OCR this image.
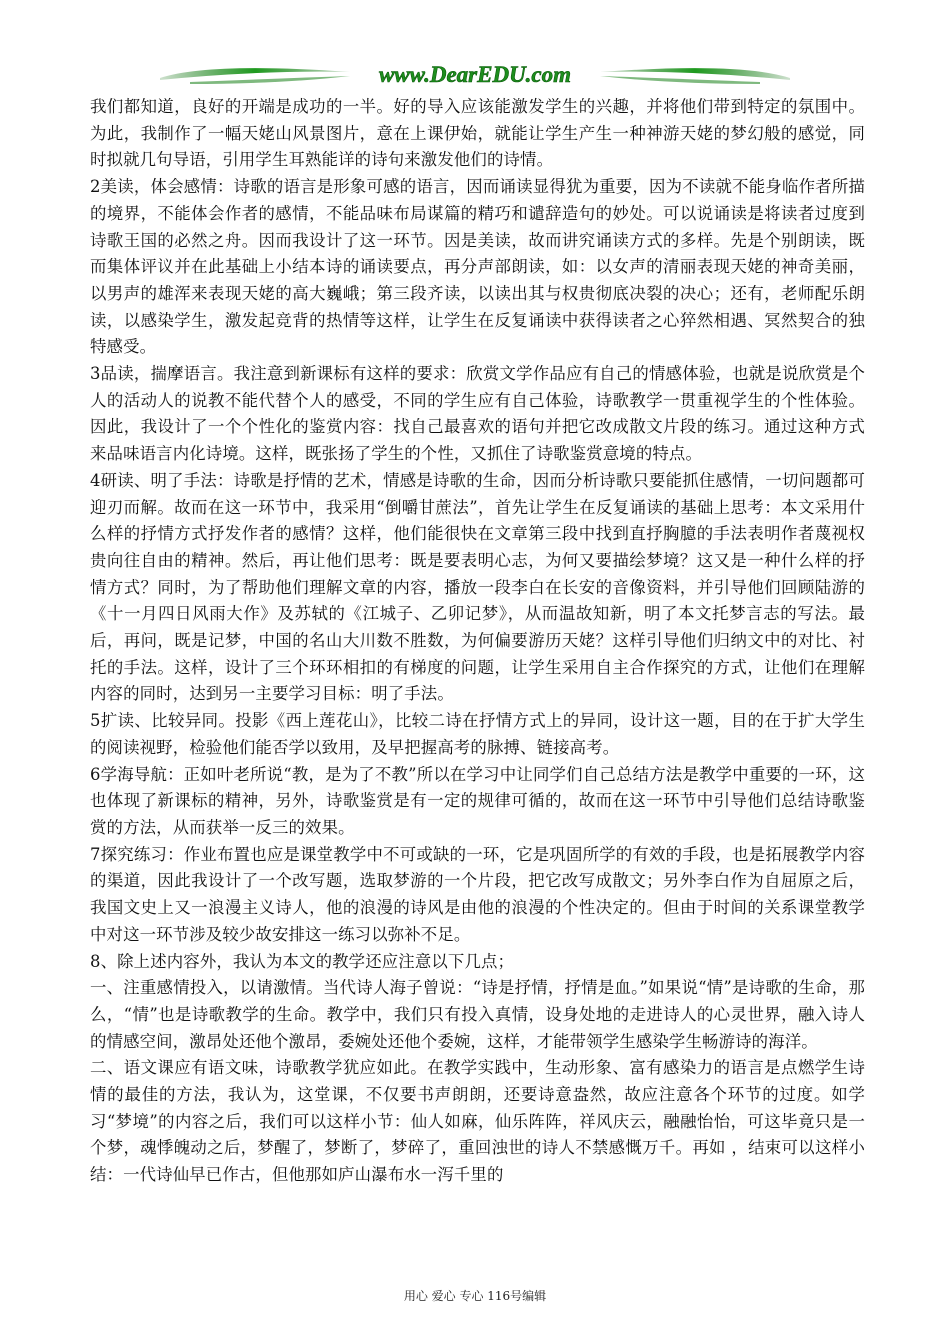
www.DearEDU.com

我们都知道，良好的开端是成功的一半。好的导入应该能激发学生的兴趣，并将他们带到特定的氛围中。为此，我制作了一幅天姥山风景图片，意在上课伊始，就能让学生产生一种神游天姥的梦幻般的感觉，同时拟就几句导语，引用学生耳熟能详的诗句来激发他们的诗情。

2美读，体会感情：诗歌的语言是形象可感的语言，因而诵读显得犹为重要，因为不读就不能身临作者所描的境界，不能体会作者的感情，不能品味布局谋篇的精巧和谴辞造句的妙处。可以说诵读是将读者过度到诗歌王国的必然之舟。因而我设计了这一环节。因是美读，故而讲究诵读方式的多样。先是个别朗读，既而集体评议并在此基础上小结本诗的诵读要点，再分声部朗读，如：以女声的清丽表现天姥的神奇美丽，以男声的雄浑来表现天姥的高大巍峨；第三段齐读，以读出其与权贵彻底决裂的决心；还有，老师配乐朗读，以感染学生，激发起竞背的热情等这样，让学生在反复诵读中获得读者之心猝然相遇、冥然契合的独特感受。

3品读，揣摩语言。我注意到新课标有这样的要求：欣赏文学作品应有自己的情感体验，也就是说欣赏是个人的活动人的说教不能代替个人的感受，不同的学生应有自己体验，诗歌教学一贯重视学生的个性体验。因此，我设计了一个个性化的鉴赏内容：找自己最喜欢的语句并把它改成散文片段的练习。通过这种方式来品味语言内化诗境。这样，既张扬了学生的个性，又抓住了诗歌鉴赏意境的特点。

4研读、明了手法：诗歌是抒情的艺术，情感是诗歌的生命，因而分析诗歌只要能抓住感情，一切问题都可迎刃而解。故而在这一环节中，我采用“倒嚼甘蔗法”，首先让学生在反复诵读的基础上思考：本文采用什么样的抒情方式抒发作者的感情？这样，他们能很快在文章第三段中找到直抒胸臆的手法表明作者蔑视权贵向往自由的精神。然后，再让他们思考：既是要表明心志，为何又要描绘梦境？这又是一种什么样的抒情方式？同时，为了帮助他们理解文章的内容，播放一段李白在长安的音像资料，并引导他们回顾陆游的《十一月四日风雨大作》及苏轼的《江城子、乙卯记梦》，从而温故知新，明了本文托梦言志的写法。最后，再问，既是记梦，中国的名山大川数不胜数，为何偏要游历天姥？这样引导他们归纳文中的对比、衬托的手法。这样，设计了三个环环相扣的有梯度的问题，让学生采用自主合作探究的方式，让他们在理解内容的同时，达到另一主要学习目标：明了手法。

5扩读、比较异同。投影《西上莲花山》，比较二诗在抒情方式上的异同，设计这一题，目的在于扩大学生的阅读视野，检验他们能否学以致用，及早把握高考的脉搏、链接高考。

6学海导航：正如叶老所说“教，是为了不教”所以在学习中让同学们自己总结方法是教学中重要的一环，这也体现了新课标的精神，另外，诗歌鉴赏是有一定的规律可循的，故而在这一环节中引导他们总结诗歌鉴赏的方法，从而获举一反三的效果。

7探究练习：作业布置也应是课堂教学中不可或缺的一环，它是巩固所学的有效的手段，也是拓展教学内容的渠道，因此我设计了一个改写题，选取梦游的一个片段，把它改写成散文；另外李白作为自屈原之后，我国文史上又一浪漫主义诗人，他的浪漫的诗风是由他的浪漫的个性决定的。但由于时间的关系课堂教学中对这一环节涉及较少故安排这一练习以弥补不足。

8、除上述内容外，我认为本文的教学还应注意以下几点；

一、注重感情投入，以请激情。当代诗人海子曾说：“诗是抒情，抒情是血。”如果说“情”是诗歌的生命，那么，“情”也是诗歌教学的生命。教学中，我们只有投入真情，设身处地的走进诗人的心灵世界，融入诗人的情感空间，激昂处还他个激昂，委婉处还他个委婉，这样，才能带领学生感染学生畅游诗的海洋。

二、语文课应有语文味，诗歌教学犹应如此。在教学实践中，生动形象、富有感染力的语言是点燃学生诗情的最佳的方法，我认为，这堂课，不仅要书声朗朗，还要诗意盎然，故应注意各个环节的过度。如学习“梦境”的内容之后，我们可以这样小节：仙人如麻，仙乐阵阵，祥风庆云，融融怡怡，可这毕竟只是一个梦，魂悸魄动之后，梦醒了，梦断了，梦碎了，重回浊世的诗人不禁感慨万千。再如 ，结束可以这样小结：一代诗仙早已作古，但他那如庐山瀑布水一泻千里的

用心 爱心 专心 116号编辑
